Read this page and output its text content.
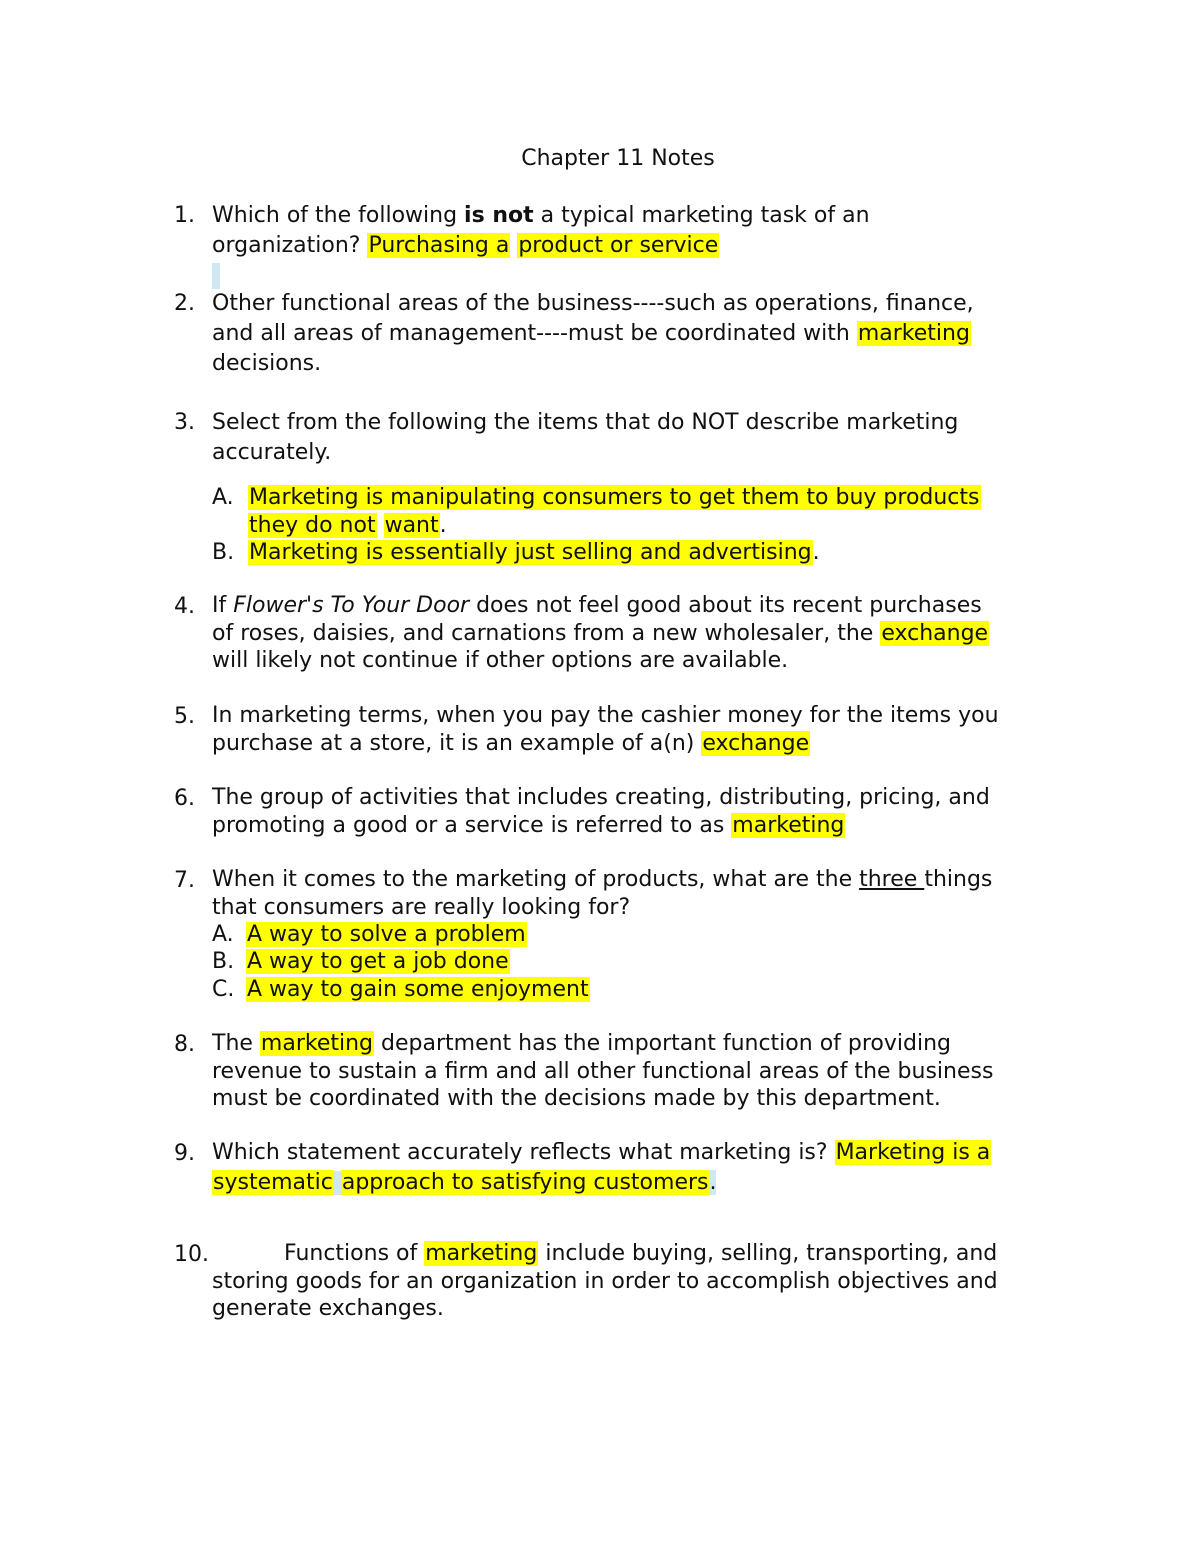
Chapter 11 Notes
1. Which of the following is not a typical marketing task of an
organization? Purchasing a product or service
2. Other functional areas of the business----such as operations, finance,
and all areas of management----must be coordinated with marketing
decisions.
3. Select from the following the items that do NOT describe marketing
accurately.
A. Marketing is manipulating consumers to get them to buy products
they do not want.
B. Marketing is essentially just selling and advertising.
4. If Flower's To Your Door does not feel good about its recent purchases
of roses, daisies, and carnations from a new wholesaler, the exchange
will likely not continue if other options are available.
5. In marketing terms, when you pay the cashier money for the items you
purchase at a store, it is an example of a(n) exchange
6. The group of activities that includes creating, distributing, pricing, and
promoting a good or a service is referred to as marketing
7. When it comes to the marketing of products, what are the three things
that consumers are really looking for?
A. A way to solve a problem
B. A way to get a job done
C. A way to gain some enjoyment
8. The marketing department has the important function of providing
revenue to sustain a firm and all other functional areas of the business
must be coordinated with the decisions made by this department.
9. Which statement accurately reflects what marketing is? Marketing is a
systematic approach to satisfying customers.
10.	Functions of marketing include buying, selling, transporting, and
storing goods for an organization in order to accomplish objectives and
generate exchanges.
